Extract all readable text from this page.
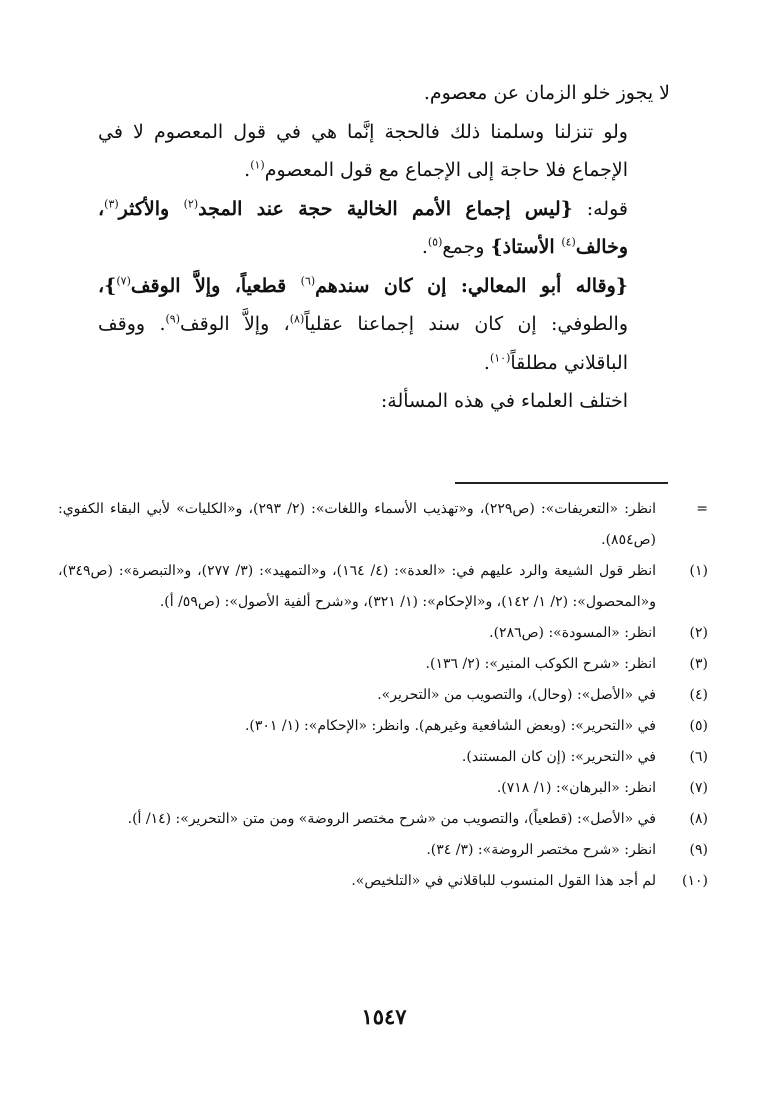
لا يجوز خلو الزمان عن معصوم.

ولو تنزلنا وسلمنا ذلك فالحجة إنَّما هي في قول المعصوم لا في الإجماع فلا حاجة إلى الإجماع مع قول المعصوم$^{(١)}$.

قوله: {ليس إجماع الأمم الخالية حجة عند المجد$^{(٢)}$ والأكثر$^{(٣)}$، وخالف$^{(٤)}$ الأستاذ} وجمع$^{(٥)}$.

{وقاله أبو المعالي: إن كان سندهم$^{(٦)}$ قطعياً، وإلاَّ الوقف$^{(٧)}$}، والطوفي: إن كان سند إجماعنا عقلياً$^{(٨)}$، وإلاَّ الوقف$^{(٩)}$. ووقف الباقلاني مطلقاً$^{(١٠)}$.

اختلف العلماء في هذه المسألة:

=
انظر: «التعريفات»: (ص٢٢٩)، و«تهذيب الأسماء واللغات»: (٢/ ٢٩٣)، و«الكليات» لأبي البقاء الكفوي: (ص٨٥٤).
(١)
انظر قول الشيعة والرد عليهم في: «العدة»: (٤/ ١٦٤)، و«التمهيد»: (٣/ ٢٧٧)، و«التبصرة»: (ص٣٤٩)، و«المحصول»: (٢/ ١/ ١٤٢)، و«الإحكام»: (١/ ٣٢١)، و«شرح ألفية الأصول»: (ص٥٩/ أ).
(٢)
انظر: «المسودة»: (ص٢٨٦).
(٣)
انظر: «شرح الكوكب المنير»: (٢/ ١٣٦).
(٤)
في «الأصل»: (وحال)، والتصويب من «التحرير».
(٥)
في «التحرير»: (وبعض الشافعية وغيرهم). وانظر: «الإحكام»: (١/ ٣٠١).
(٦)
في «التحرير»: (إن كان المستند).
(٧)
انظر: «البرهان»: (١/ ٧١٨).
(٨)
في «الأصل»: (قطعياً)، والتصويب من «شرح مختصر الروضة» ومن متن «التحرير»: (١٤/ أ).
(٩)
انظر: «شرح مختصر الروضة»: (٣/ ٣٤).
(١٠)
لم أجد هذا القول المنسوب للباقلاني في «التلخيص».
١٥٤٧
